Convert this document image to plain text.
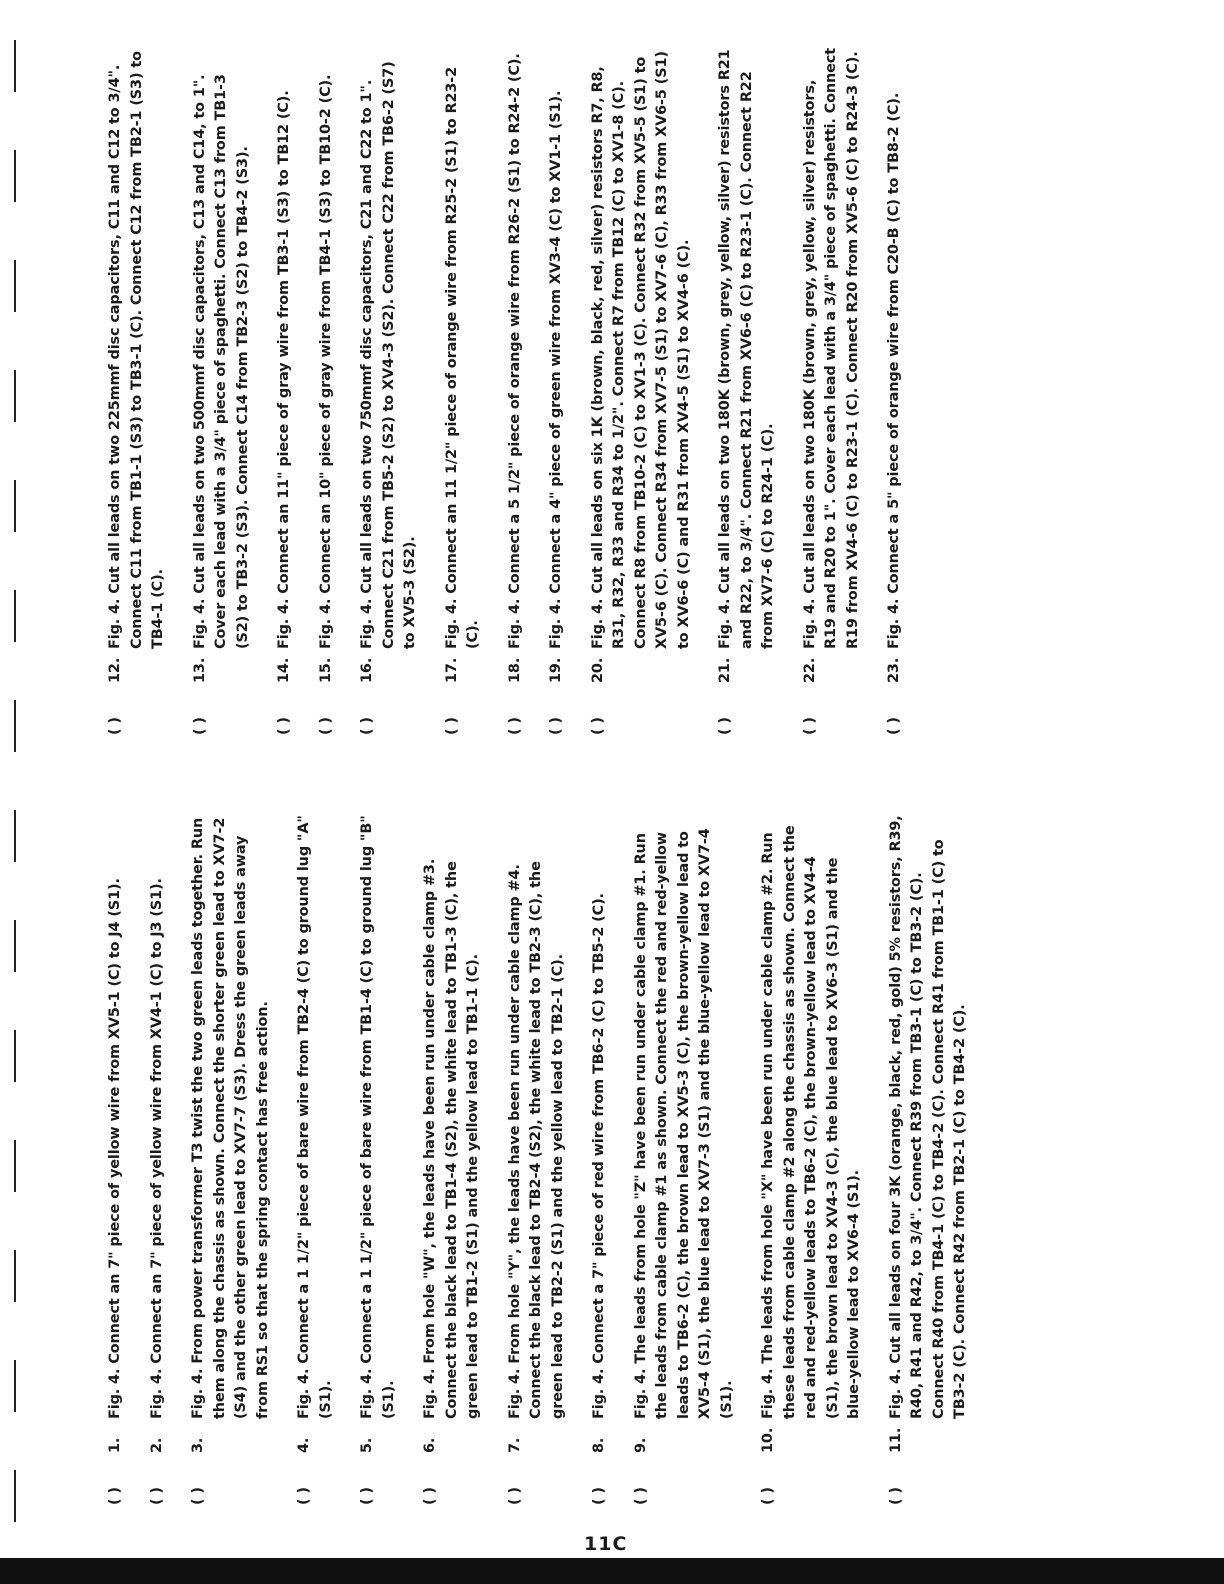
( )
1.
Fig. 4. Connect an 7" piece of yellow wire from XV5-1 (C) to J4 (S1).
( )
2.
Fig. 4. Connect an 7" piece of yellow wire from XV4-1 (C) to J3 (S1).
( )
3.
Fig. 4. From power transformer T3 twist the two green leads together. Run them along the chassis as shown. Connect the shorter green lead to XV7-2 (S4) and the other green lead to XV7-7 (S3). Dress the green leads away from RS1 so that the spring contact has free action.
( )
4.
Fig. 4. Connect a 1 1/2" piece of bare wire from TB2-4 (C) to ground lug "A" (S1).
( )
5.
Fig. 4. Connect a 1 1/2" piece of bare wire from TB1-4 (C) to ground lug "B" (S1).
( )
6.
Fig. 4. From hole "W", the leads have been run under cable clamp #3. Connect the black lead to TB1-4 (S2), the white lead to TB1-3 (C), the green lead to TB1-2 (S1) and the yellow lead to TB1-1 (C).
( )
7.
Fig. 4. From hole "Y", the leads have been run under cable clamp #4. Connect the black lead to TB2-4 (S2), the white lead to TB2-3 (C), the green lead to TB2-2 (S1) and the yellow lead to TB2-1 (C).
( )
8.
Fig. 4. Connect a 7" piece of red wire from TB6-2 (C) to TB5-2 (C).
( )
9.
Fig. 4. The leads from hole "Z" have been run under cable clamp #1. Run the leads from cable clamp #1 as shown. Connect the red and red-yellow leads to TB6-2 (C), the brown lead to XV5-3 (C), the brown-yellow lead to XV5-4 (S1), the blue lead to XV7-3 (S1) and the blue-yellow lead to XV7-4 (S1).
( )
10.
Fig. 4. The leads from hole "X" have been run under cable clamp #2. Run these leads from cable clamp #2 along the chassis as shown. Connect the red and red-yellow leads to TB6-2 (C), the brown-yellow lead to XV4-4 (S1), the brown lead to XV4-3 (C), the blue lead to XV6-3 (S1) and the blue-yellow lead to XV6-4 (S1).
( )
11.
Fig. 4. Cut all leads on four 3K (orange, black, red, gold) 5% resistors, R39, R40, R41 and R42, to 3/4". Connect R39 from TB3-1 (C) to TB3-2 (C). Connect R40 from TB4-1 (C) to TB4-2 (C). Connect R41 from TB1-1 (C) to TB3-2 (C). Connect R42 from TB2-1 (C) to TB4-2 (C).
( )
12.
Fig. 4. Cut all leads on two 225mmf disc capacitors, C11 and C12 to 3/4". Connect C11 from TB1-1 (S3) to TB3-1 (C). Connect C12 from TB2-1 (S3) to TB4-1 (C).
( )
13.
Fig. 4. Cut all leads on two 500mmf disc capacitors, C13 and C14, to 1". Cover each lead with a 3/4" piece of spaghetti. Connect C13 from TB1-3 (S2) to TB3-2 (S3). Connect C14 from TB2-3 (S2) to TB4-2 (S3).
( )
14.
Fig. 4. Connect an 11" piece of gray wire from TB3-1 (S3) to TB12 (C).
( )
15.
Fig. 4. Connect an 10" piece of gray wire from TB4-1 (S3) to TB10-2 (C).
( )
16.
Fig. 4. Cut all leads on two 750mmf disc capacitors, C21 and C22 to 1". Connect C21 from TB5-2 (S2) to XV4-3 (S2). Connect C22 from TB6-2 (S7) to XV5-3 (S2).
( )
17.
Fig. 4. Connect an 11 1/2" piece of orange wire from R25-2 (S1) to R23-2 (C).
( )
18.
Fig. 4. Connect a 5 1/2" piece of orange wire from R26-2 (S1) to R24-2 (C).
( )
19.
Fig. 4. Connect a 4" piece of green wire from XV3-4 (C) to XV1-1 (S1).
( )
20.
Fig. 4. Cut all leads on six 1K (brown, black, red, silver) resistors R7, R8, R31, R32, R33 and R34 to 1/2". Connect R7 from TB12 (C) to XV1-8 (C). Connect R8 from TB10-2 (C) to XV1-3 (C). Connect R32 from XV5-5 (S1) to XV5-6 (C). Connect R34 from XV7-5 (S1) to XV7-6 (C), R33 from XV6-5 (S1) to XV6-6 (C) and R31 from XV4-5 (S1) to XV4-6 (C).
( )
21.
Fig. 4. Cut all leads on two 180K (brown, grey, yellow, silver) resistors R21 and R22, to 3/4". Connect R21 from XV6-6 (C) to R23-1 (C). Connect R22 from XV7-6 (C) to R24-1 (C).
( )
22.
Fig. 4. Cut all leads on two 180K (brown, grey, yellow, silver) resistors, R19 and R20 to 1". Cover each lead with a 3/4" piece of spaghetti. Connect R19 from XV4-6 (C) to R23-1 (C). Connect R20 from XV5-6 (C) to R24-3 (C).
( )
23.
Fig. 4. Connect a 5" piece of orange wire from C20-B (C) to TB8-2 (C).
11C
